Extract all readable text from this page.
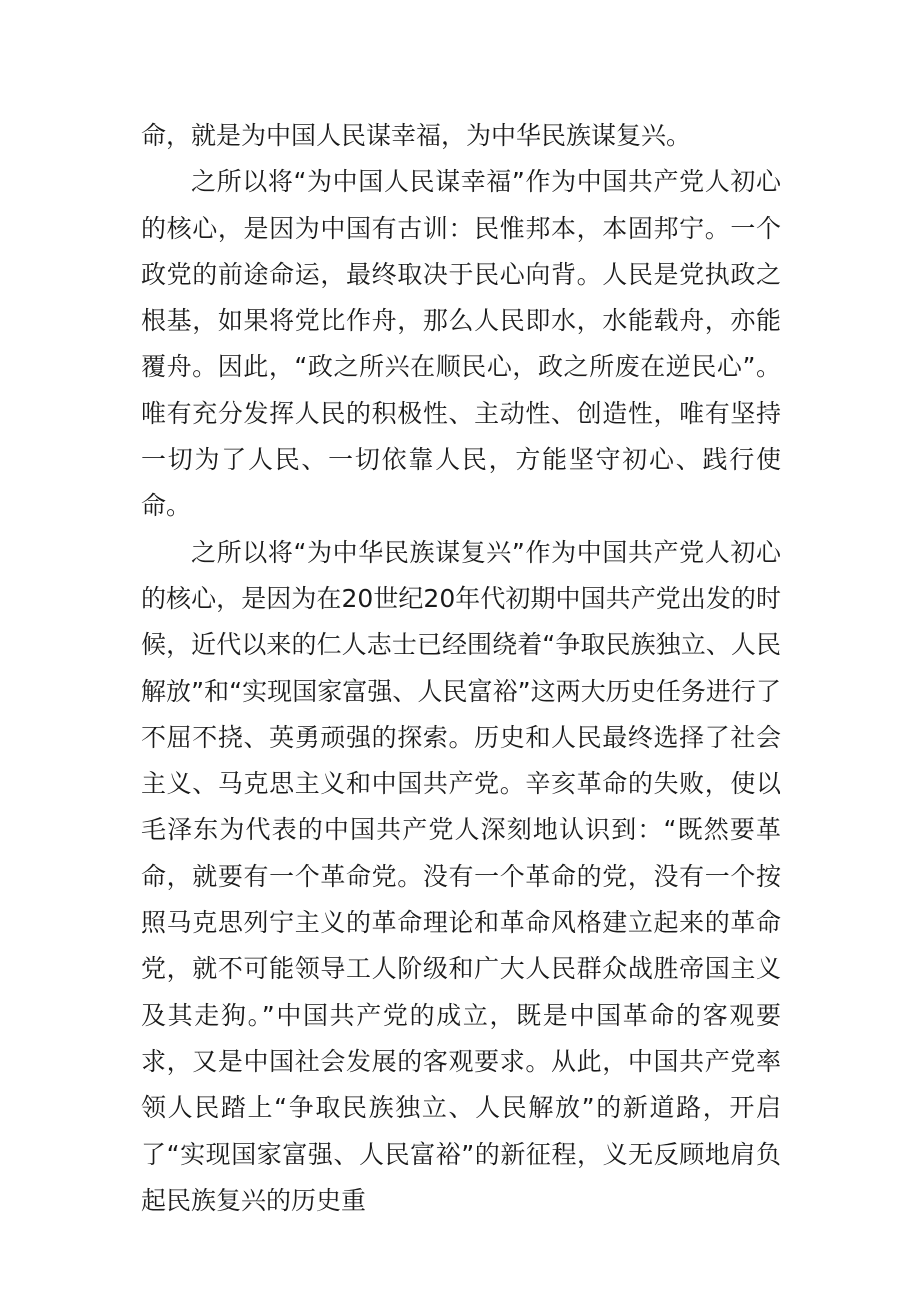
命，就是为中国人民谋幸福，为中华民族谋复兴。

之所以将“为中国人民谋幸福”作为中国共产党人初心的核心，是因为中国有古训：民惟邦本，本固邦宁。一个政党的前途命运，最终取决于民心向背。人民是党执政之根基，如果将党比作舟，那么人民即水，水能载舟，亦能覆舟。因此，“政之所兴在顺民心，政之所废在逆民心”。唯有充分发挥人民的积极性、主动性、创造性，唯有坚持一切为了人民、一切依靠人民，方能坚守初心、践行使命。

之所以将“为中华民族谋复兴”作为中国共产党人初心的核心，是因为在20世纪20年代初期中国共产党出发的时候，近代以来的仁人志士已经围绕着“争取民族独立、人民解放”和“实现国家富强、人民富裕”这两大历史任务进行了不屈不挠、英勇顽强的探索。历史和人民最终选择了社会主义、马克思主义和中国共产党。辛亥革命的失败，使以毛泽东为代表的中国共产党人深刻地认识到：“既然要革命，就要有一个革命党。没有一个革命的党，没有一个按照马克思列宁主义的革命理论和革命风格建立起来的革命党，就不可能领导工人阶级和广大人民群众战胜帝国主义及其走狗。”中国共产党的成立，既是中国革命的客观要求，又是中国社会发展的客观要求。从此，中国共产党率领人民踏上“争取民族独立、人民解放”的新道路，开启了“实现国家富强、人民富裕”的新征程，义无反顾地肩负起民族复兴的历史重
